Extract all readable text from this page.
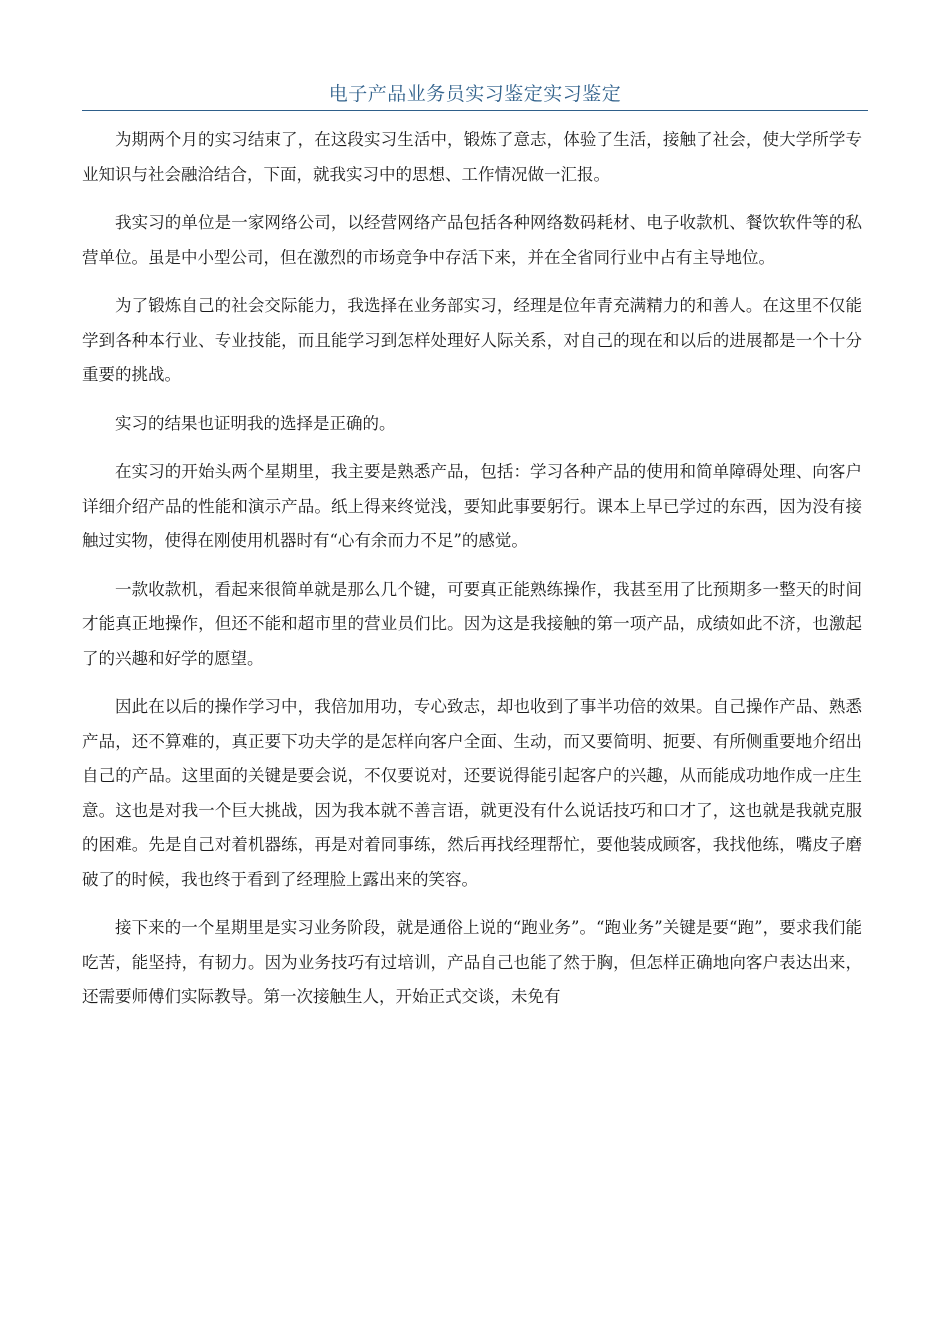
电子产品业务员实习鉴定实习鉴定

为期两个月的实习结束了，在这段实习生活中，锻炼了意志，体验了生活，接触了社会，使大学所学专业知识与社会融洽结合，下面，就我实习中的思想、工作情况做一汇报。

我实习的单位是一家网络公司，以经营网络产品包括各种网络数码耗材、电子收款机、餐饮软件等的私营单位。虽是中小型公司，但在激烈的市场竞争中存活下来，并在全省同行业中占有主导地位。

为了锻炼自己的社会交际能力，我选择在业务部实习，经理是位年青充满精力的和善人。在这里不仅能学到各种本行业、专业技能，而且能学习到怎样处理好人际关系，对自己的现在和以后的进展都是一个十分重要的挑战。

实习的结果也证明我的选择是正确的。

在实习的开始头两个星期里，我主要是熟悉产品，包括：学习各种产品的使用和简单障碍处理、向客户详细介绍产品的性能和演示产品。纸上得来终觉浅，要知此事要躬行。课本上早已学过的东西，因为没有接触过实物，使得在刚使用机器时有“心有余而力不足”的感觉。

一款收款机，看起来很简单就是那么几个键，可要真正能熟练操作，我甚至用了比预期多一整天的时间才能真正地操作，但还不能和超市里的营业员们比。因为这是我接触的第一项产品，成绩如此不济，也激起了的兴趣和好学的愿望。

因此在以后的操作学习中，我倍加用功，专心致志，却也收到了事半功倍的效果。自己操作产品、熟悉产品，还不算难的，真正要下功夫学的是怎样向客户全面、生动，而又要简明、扼要、有所侧重要地介绍出自己的产品。这里面的关键是要会说，不仅要说对，还要说得能引起客户的兴趣，从而能成功地作成一庄生意。这也是对我一个巨大挑战，因为我本就不善言语，就更没有什么说话技巧和口才了，这也就是我就克服的困难。先是自己对着机器练，再是对着同事练，然后再找经理帮忙，要他装成顾客，我找他练，嘴皮子磨破了的时候，我也终于看到了经理脸上露出来的笑容。

接下来的一个星期里是实习业务阶段，就是通俗上说的“跑业务”。“跑业务”关键是要“跑”，要求我们能吃苦，能坚持，有韧力。因为业务技巧有过培训，产品自己也能了然于胸，但怎样正确地向客户表达出来，还需要师傅们实际教导。第一次接触生人，开始正式交谈，未免有
